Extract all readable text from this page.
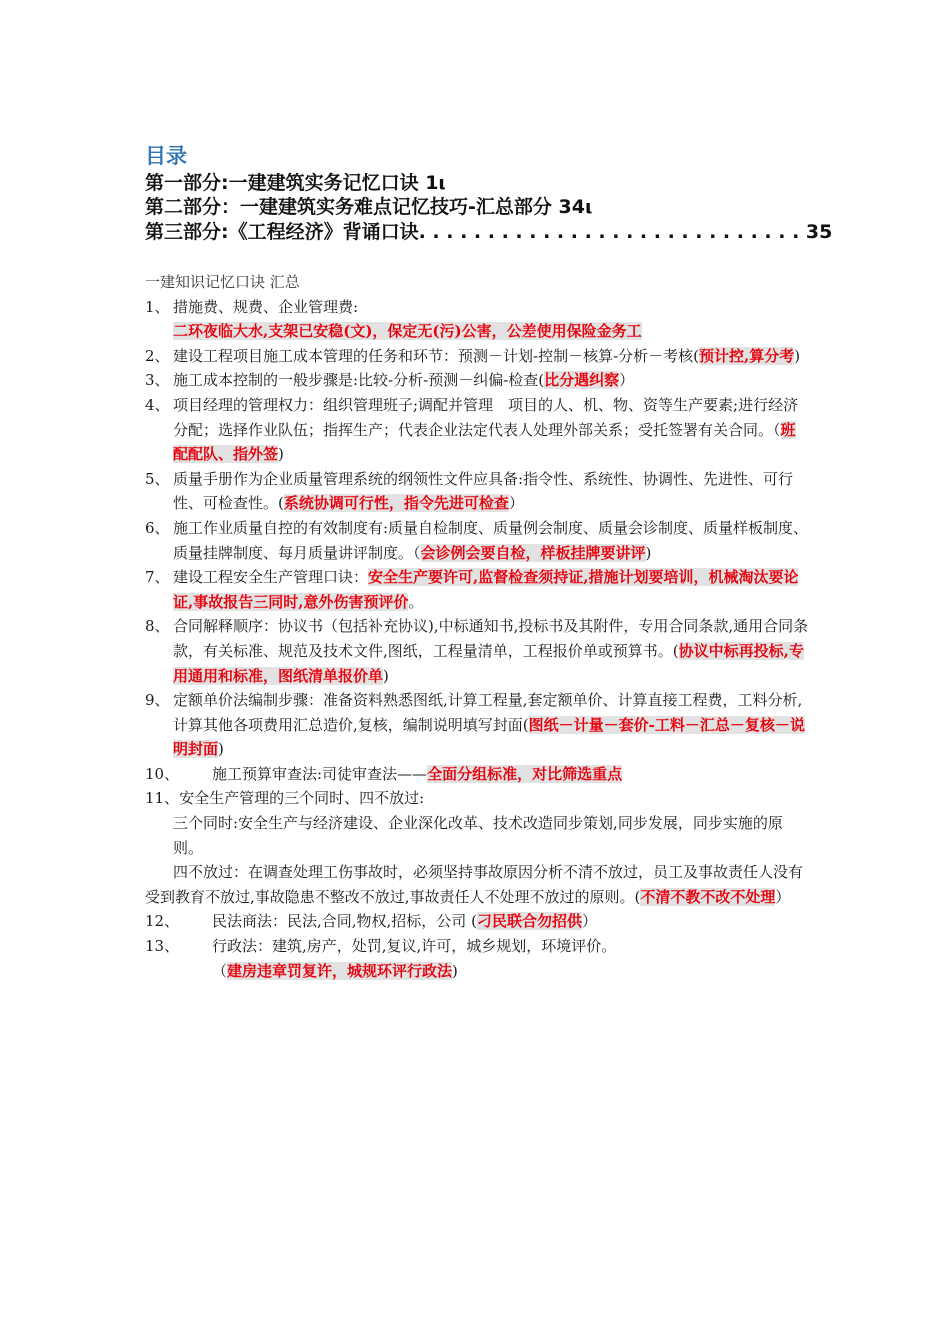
目录
第一部分:一建建筑实务记忆口诀 1ι
第二部分：一建建筑实务难点记忆技巧-汇总部分 34ι
第三部分:《工程经济》背诵口诀. . . . . . . . . . . . . . . . . . . . . . . . . . . . 35

一建知识记忆口诀 汇总

1、 措施费、规费、企业管理费:
二环夜临大水,支架已安稳(文)，保定无(污)公害，公差使用保险金务工
2、 建设工程项目施工成本管理的任务和环节：预测－计划-控制－核算-分析－考核(预计控,算分考)
3、 施工成本控制的一般步骤是:比较-分析-预测－纠偏-检查(比分遇纠察）
4、 项目经理的管理权力：组织管理班子;调配并管理　项目的人、机、物、资等生产要素;进行经济分配；选择作业队伍；指挥生产；代表企业法定代表人处理外部关系；受托签署有关合同。（班配配队、指外签)
5、 质量手册作为企业质量管理系统的纲领性文件应具备:指令性、系统性、协调性、先进性、可行性、可检查性。(系统协调可行性，指令先进可检查）
6、 施工作业质量自控的有效制度有:质量自检制度、质量例会制度、质量会诊制度、质量样板制度、质量挂牌制度、每月质量讲评制度。（会诊例会要自检，样板挂牌要讲评)
7、 建设工程安全生产管理口诀：安全生产要许可,监督检查须持证,措施计划要培训，机械淘汰要论证,事故报告三同时,意外伤害预评价。
8、 合同解释顺序：协议书（包括补充协议),中标通知书,投标书及其附件，专用合同条款,通用合同条款，有关标准、规范及技术文件,图纸，工程量清单，工程报价单或预算书。(协议中标再投标,专用通用和标准，图纸清单报价单)
9、 定额单价法编制步骤：准备资料熟悉图纸,计算工程量,套定额单价、计算直接工程费，工料分析,计算其他各项费用汇总造价,复核，编制说明填写封面(图纸－计量－套价-工料－汇总－复核－说明封面)
10、 施工预算审查法:司徒审查法——全面分组标准，对比筛选重点
11、安全生产管理的三个同时、四不放过:

三个同时:安全生产与经济建设、企业深化改革、技术改造同步策划,同步发展，同步实施的原则。

四不放过：在调查处理工伤事故时，必须坚持事故原因分析不清不放过，员工及事故责任人没有受到教育不放过,事故隐患不整改不放过,事故责任人不处理不放过的原则。(不清不教不改不处理）

12、 民法商法：民法,合同,物权,招标，公司 (刁民联合勿招供）
13、 行政法：建筑,房产，处罚,复议,许可，城乡规划，环境评价。

（建房违章罚复许，城规环评行政法)
